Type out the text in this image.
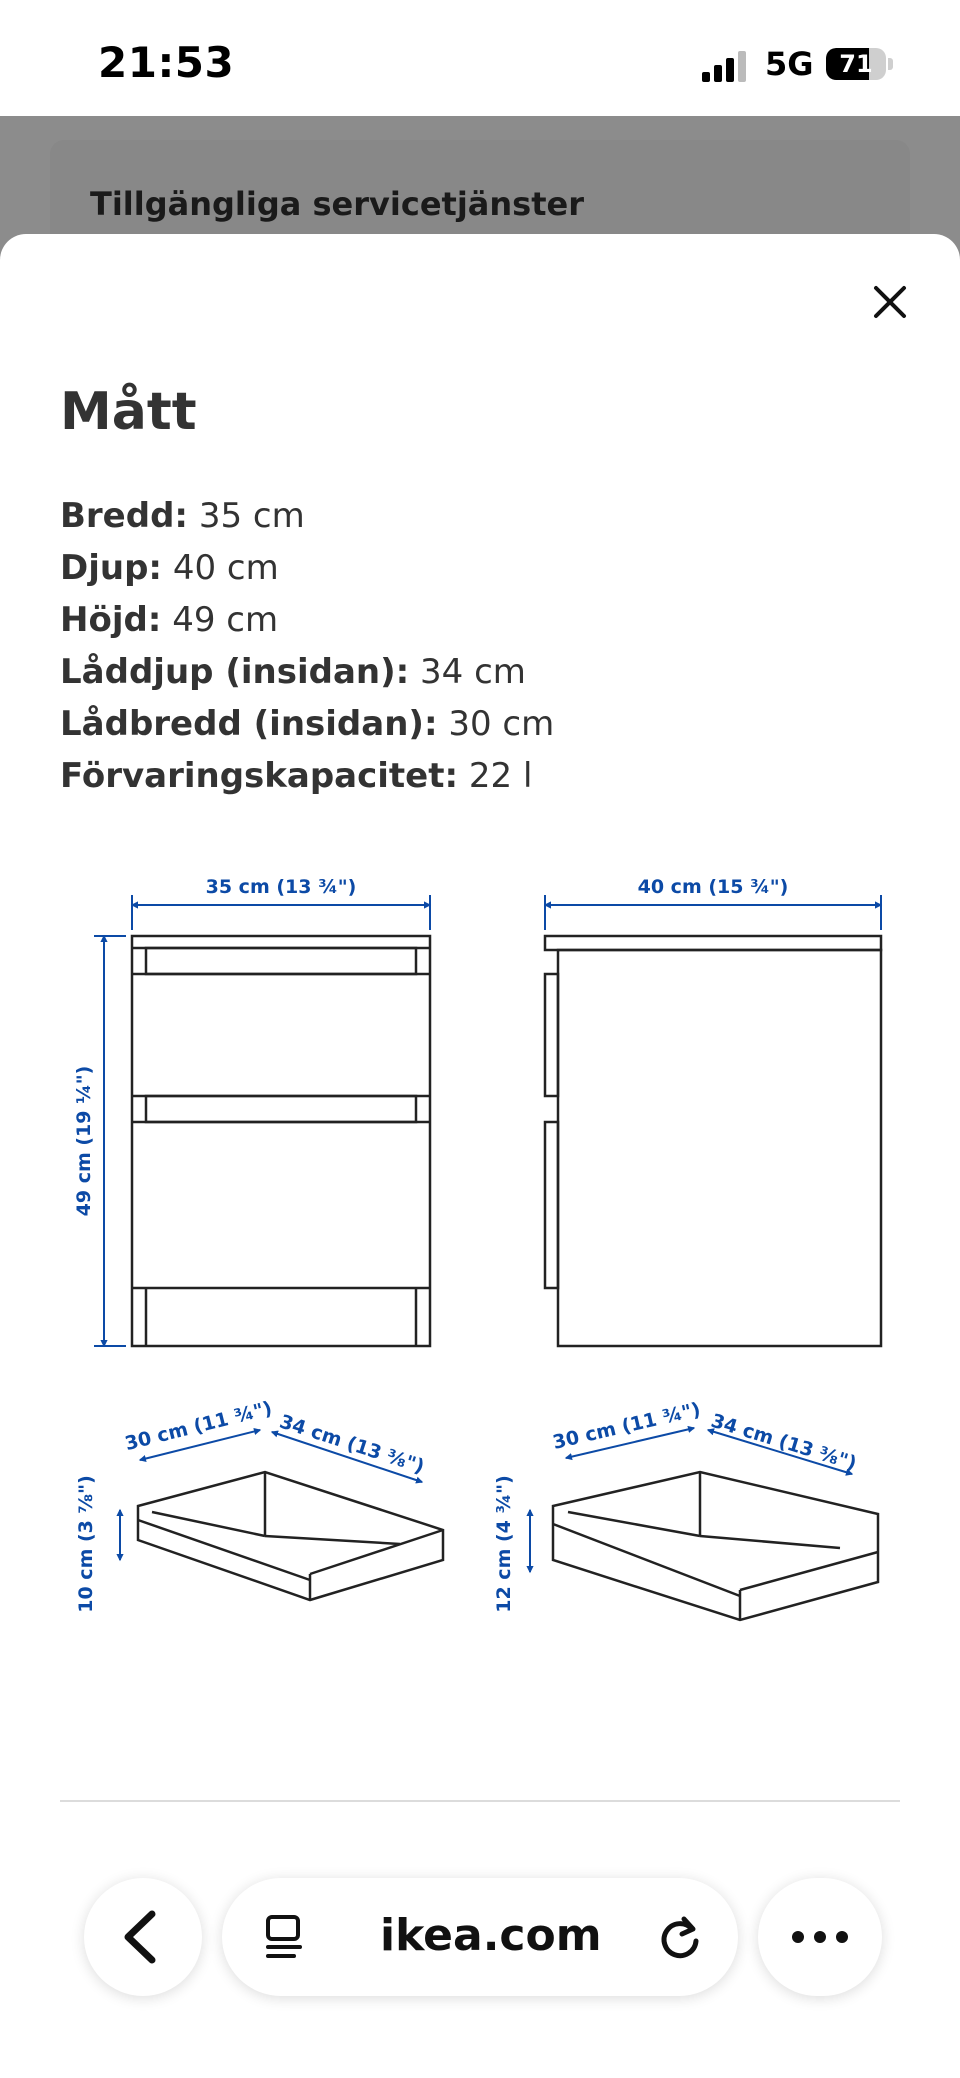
21:53	5G	71
Tillgängliga servicetjänster
Mått
Bredd: 35 cm
Djup: 40 cm
Höjd: 49 cm
Låddjup (insidan): 34 cm
Lådbredd (insidan): 30 cm
Förvaringskapacitet: 22 l
35 cm (13 ¾")	40 cm (15 ¾")
49 cm (19 ¼")
30 cm (11 ¾") 34 cm (13 ⅜")
10 cm (3 ⅞")
30 cm (11 ¾") 34 cm (13 ⅜")
12 cm (4 ¾")
ikea.com
